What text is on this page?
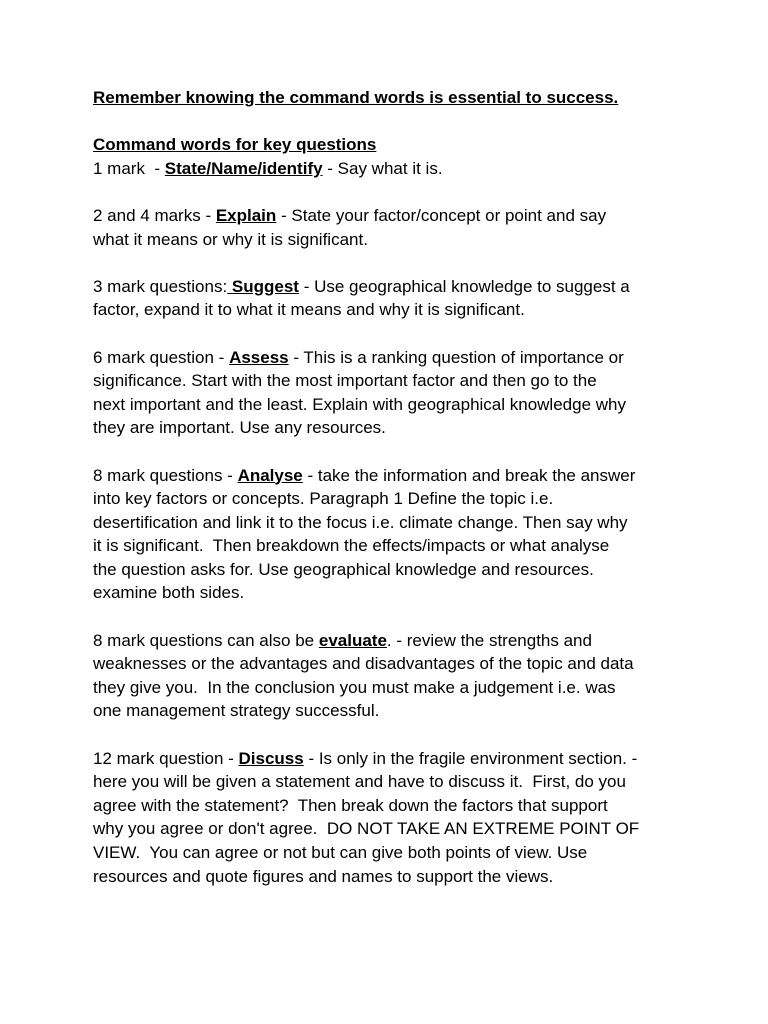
Remember knowing the command words is essential to success.
Command words for key questions
1 mark  - State/Name/identify - Say what it is.
2 and 4 marks - Explain - State your factor/concept or point and say
what it means or why it is significant.
3 mark questions: Suggest - Use geographical knowledge to suggest a
factor, expand it to what it means and why it is significant.
6 mark question - Assess - This is a ranking question of importance or
significance. Start with the most important factor and then go to the
next important and the least. Explain with geographical knowledge why
they are important. Use any resources.
8 mark questions - Analyse - take the information and break the answer
into key factors or concepts. Paragraph 1 Define the topic i.e.
desertification and link it to the focus i.e. climate change. Then say why
it is significant.  Then breakdown the effects/impacts or what analyse
the question asks for. Use geographical knowledge and resources.
examine both sides.
8 mark questions can also be evaluate. - review the strengths and
weaknesses or the advantages and disadvantages of the topic and data
they give you.  In the conclusion you must make a judgement i.e. was
one management strategy successful.
12 mark question - Discuss - Is only in the fragile environment section. -
here you will be given a statement and have to discuss it.  First, do you
agree with the statement?  Then break down the factors that support
why you agree or don't agree.  DO NOT TAKE AN EXTREME POINT OF
VIEW.  You can agree or not but can give both points of view. Use
resources and quote figures and names to support the views.
